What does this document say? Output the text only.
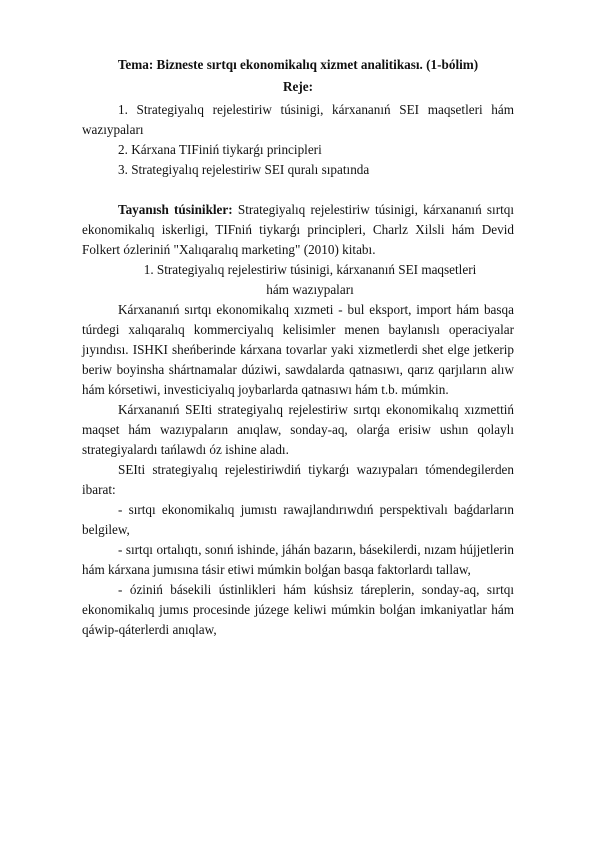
Tema: Bizneste sırtqı ekonomikalıq xizmet analitikası. (1-bólim)
Reje:

1. Strategiyalıq rejelestiriw túsinigi, kárxananıń SEI maqsetleri hám wazıypaları

2. Kárxana TIFiniń tiykarǵı principleri
3. Strategiyalıq rejelestiriw SEI quralı sıpatında

Tayanısh túsinikler: Strategiyalıq rejelestiriw túsinigi, kárxananıń sırtqı ekonomikalıq iskerligi, TIFniń tiykarǵı principleri, Charlz Xilsli hám Devid Folkert ózleriniń "Xalıqaralıq marketing" (2010) kitabı.

1. Strategiyalıq rejelestiriw túsinigi, kárxananıń SEI maqsetleri hám wazıypaları

Kárxananıń sırtqı ekonomikalıq xızmeti - bul eksport, import hám basqa túrdegi xalıqaralıq kommerciyalıq kelisimler menen baylanıslı operaciyalar jıyındısı. ISHKI sheńberinde kárxana tovarlar yaki xizmetlerdi shet elge jetkerip beriw boyinsha shártnamalar dúziwi, sawdalarda qatnasıwı, qarız qarjıların alıw hám kórsetiwi, investiciyalıq joybarlarda qatnasıwı hám t.b. múmkin.

Kárxananıń SEIti strategiyalıq rejelestiriw sırtqı ekonomikalıq xızmettiń maqset hám wazıypaların anıqlaw, sonday-aq, olarǵa erisiw ushın qolaylı strategiyalardı tańlawdı óz ishine aladı.

SEIti strategiyalıq rejelestiriwdiń tiykarǵı wazıypaları tómendegilerden ibarat:

- sırtqı ekonomikalıq jumıstı rawajlandırıwdıń perspektivalı baǵdarların belgilew,

- sırtqı ortalıqtı, sonıń ishinde, jáhán bazarın, básekilerdi, nızam hújjetlerin hám kárxana jumısına tásir etiwi múmkin bolǵan basqa faktorlardı tallaw,

- óziniń básekili ústinlikleri hám kúshsiz táreplerin, sonday-aq, sırtqı ekonomikalıq jumıs procesinde júzege keliwi múmkin bolǵan imkaniyatlar hám qáwip-qáterlerdi anıqlaw,
